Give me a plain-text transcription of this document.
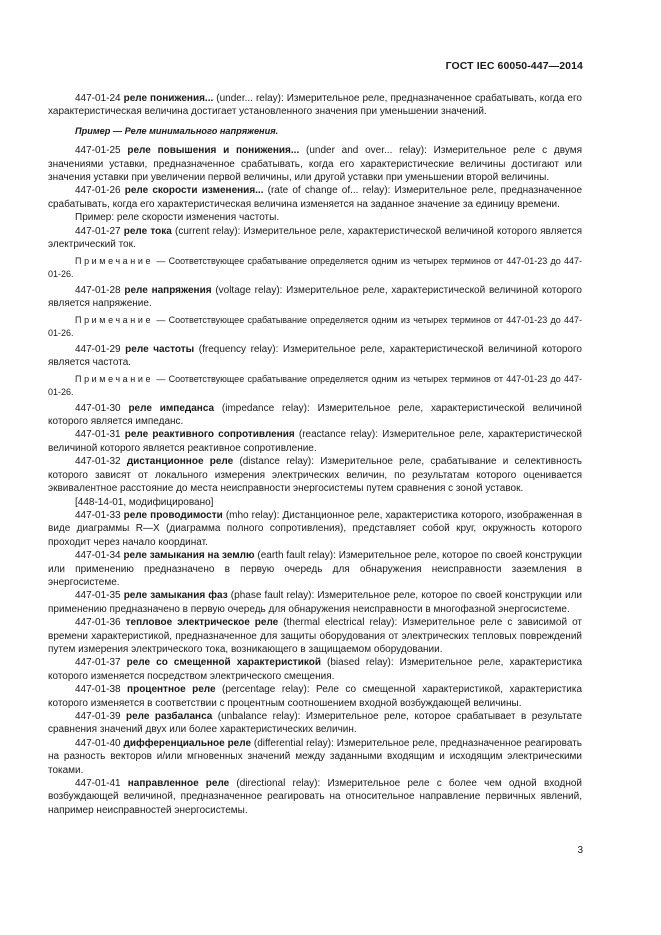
ГОСТ IEC 60050-447—2014

447-01-24 реле понижения... (under... relay): Измерительное реле, предназначенное срабатывать, когда его характеристическая величина достигает установленного значения при уменьшении значений.

Пример — Реле минимального напряжения.

447-01-25 реле повышения и понижения... (under and over... relay): Измерительное реле с двумя значениями уставки, предназначенное срабатывать, когда его характеристические величины достигают или значения уставки при увеличении первой величины, или другой уставки при уменьшении второй величины.

447-01-26 реле скорости изменения... (rate of change of... relay): Измерительное реле, предназначенное срабатывать, когда его характеристическая величина изменяется на заданное значение за единицу времени.

Пример: реле скорости изменения частоты.

447-01-27 реле тока (current relay): Измерительное реле, характеристической величиной которого является электрический ток.

Примечание — Соответствующее срабатывание определяется одним из четырех терминов от 447-01-23 до 447-01-26.

447-01-28 реле напряжения (voltage relay): Измерительное реле, характеристической величиной которого является напряжение.

Примечание — Соответствующее срабатывание определяется одним из четырех терминов от 447-01-23 до 447-01-26.

447-01-29 реле частоты (frequency relay): Измерительное реле, характеристической величиной которого является частота.

Примечание — Соответствующее срабатывание определяется одним из четырех терминов от 447-01-23 до 447-01-26.

447-01-30 реле импеданса (impedance relay): Измерительное реле, характеристической величиной которого является импеданс.

447-01-31 реле реактивного сопротивления (reactance relay): Измерительное реле, характеристической величиной которого является реактивное сопротивление.

447-01-32 дистанционное реле (distance relay): Измерительное реле, срабатывание и селективность которого зависят от локального измерения электрических величин, по результатам которого оценивается эквивалентное расстояние до места неисправности энергосистемы путем сравнения с зоной уставок.

[448-14-01, модифицировано]

447-01-33 реле проводимости (mho relay): Дистанционное реле, характеристика которого, изображенная в виде диаграммы R—X (диаграмма полного сопротивления), представляет собой круг, окружность которого проходит через начало координат.

447-01-34 реле замыкания на землю (earth fault relay): Измерительное реле, которое по своей конструкции или применению предназначено в первую очередь для обнаружения неисправности заземления в энергосистеме.

447-01-35 реле замыкания фаз (phase fault relay): Измерительное реле, которое по своей конструкции или применению предназначено в первую очередь для обнаружения неисправности в многофазной энергосистеме.

447-01-36 тепловое электрическое реле (thermal electrical relay): Измерительное реле с зависимой от времени характеристикой, предназначенное для защиты оборудования от электрических тепловых повреждений путем измерения электрического тока, возникающего в защищаемом оборудовании.

447-01-37 реле со смещенной характеристикой (biased relay): Измерительное реле, характеристика которого изменяется посредством электрического смещения.

447-01-38 процентное реле (percentage relay): Реле со смещенной характеристикой, характеристика которого изменяется в соответствии с процентным соотношением входной возбуждающей величины.

447-01-39 реле разбаланса (unbalance relay): Измерительное реле, которое срабатывает в результате сравнения значений двух или более характеристических величин.

447-01-40 дифференциальное реле (differential relay): Измерительное реле, предназначенное реагировать на разность векторов и/или мгновенных значений между заданными входящим и исходящим электрическими токами.

447-01-41 направленное реле (directional relay): Измерительное реле с более чем одной входной возбуждающей величиной, предназначенное реагировать на относительное направление первичных явлений, например неисправностей энергосистемы.

3
